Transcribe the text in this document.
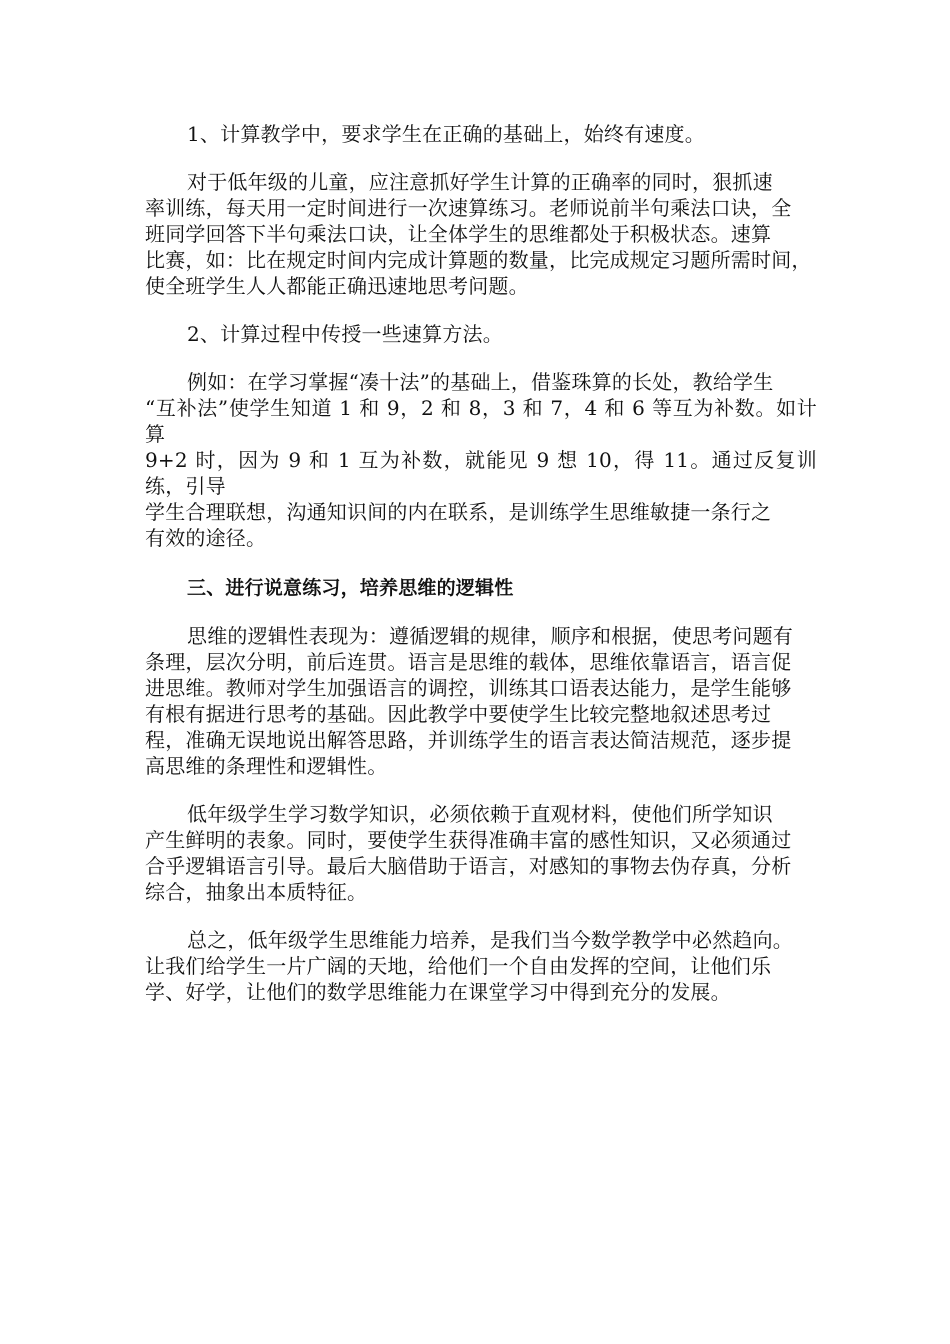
1、计算教学中，要求学生在正确的基础上，始终有速度。

对于低年级的儿童，应注意抓好学生计算的正确率的同时，狠抓速
率训练，每天用一定时间进行一次速算练习。老师说前半句乘法口诀，全
班同学回答下半句乘法口诀，让全体学生的思维都处于积极状态。速算
比赛，如：比在规定时间内完成计算题的数量，比完成规定习题所需时间，
使全班学生人人都能正确迅速地思考问题。

2、计算过程中传授一些速算方法。

例如：在学习掌握“凑十法”的基础上，借鉴珠算的长处，教给学生
“互补法”使学生知道 1 和 9，2 和 8，3 和 7，4 和 6 等互为补数。如计算
9+2 时，因为 9 和 1 互为补数，就能见 9 想 10，得 11。通过反复训练，引导
学生合理联想，沟通知识间的内在联系，是训练学生思维敏捷一条行之
有效的途径。

三、进行说意练习，培养思维的逻辑性

思维的逻辑性表现为：遵循逻辑的规律，顺序和根据，使思考问题有
条理，层次分明，前后连贯。语言是思维的载体，思维依靠语言，语言促
进思维。教师对学生加强语言的调控，训练其口语表达能力，是学生能够
有根有据进行思考的基础。因此教学中要使学生比较完整地叙述思考过
程，准确无误地说出解答思路，并训练学生的语言表达简洁规范，逐步提
高思维的条理性和逻辑性。

低年级学生学习数学知识，必须依赖于直观材料，使他们所学知识
产生鲜明的表象。同时，要使学生获得准确丰富的感性知识，又必须通过
合乎逻辑语言引导。最后大脑借助于语言，对感知的事物去伪存真，分析
综合，抽象出本质特征。

总之，低年级学生思维能力培养，是我们当今数学教学中必然趋向。
让我们给学生一片广阔的天地，给他们一个自由发挥的空间，让他们乐
学、好学，让他们的数学思维能力在课堂学习中得到充分的发展。
